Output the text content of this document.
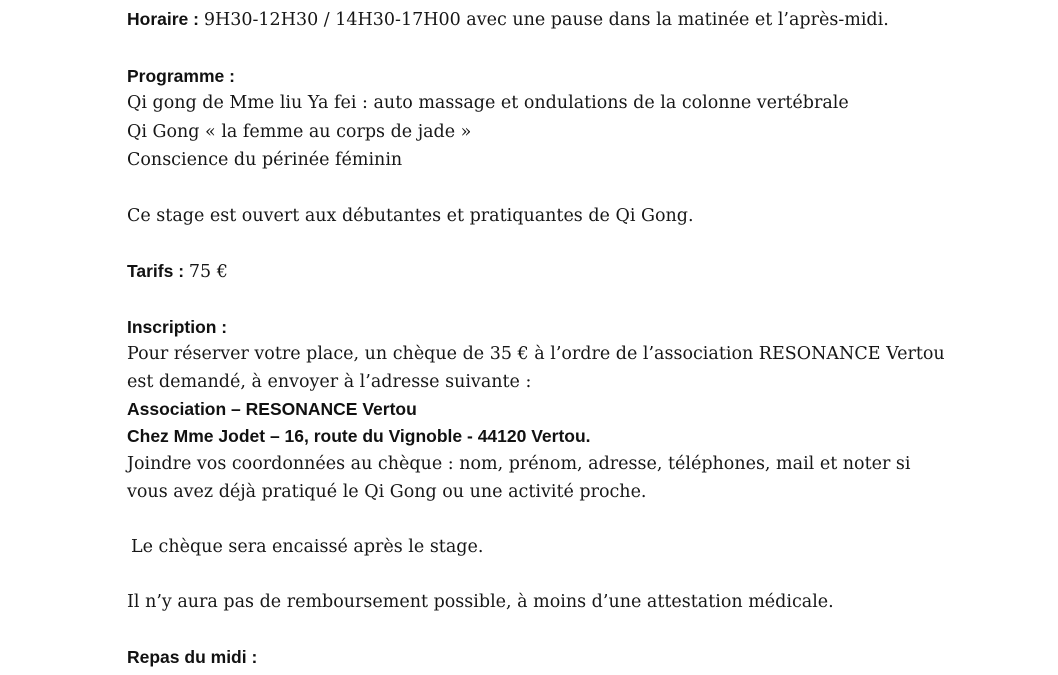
Horaire : 9H30-12H30 / 14H30-17H00 avec une pause dans la matinée et l’après-midi.
Programme :
Qi gong de Mme liu Ya fei : auto massage et ondulations de la colonne vertébrale
Qi Gong « la femme au corps de jade »
Conscience du périnée féminin
Ce stage est ouvert aux débutantes et pratiquantes de Qi Gong.
Tarifs : 75 €
Inscription :
Pour réserver votre place, un chèque de 35 € à l’ordre de l’association RESONANCE Vertou
est demandé, à envoyer à l’adresse suivante :
Association – RESONANCE Vertou
Chez Mme Jodet – 16, route du Vignoble - 44120 Vertou.
Joindre vos coordonnées au chèque : nom, prénom, adresse, téléphones, mail et noter si
vous avez déjà pratiqué le Qi Gong ou une activité proche.
Le chèque sera encaissé après le stage.
Il n’y aura pas de remboursement possible, à moins d’une attestation médicale.
Repas du midi :
